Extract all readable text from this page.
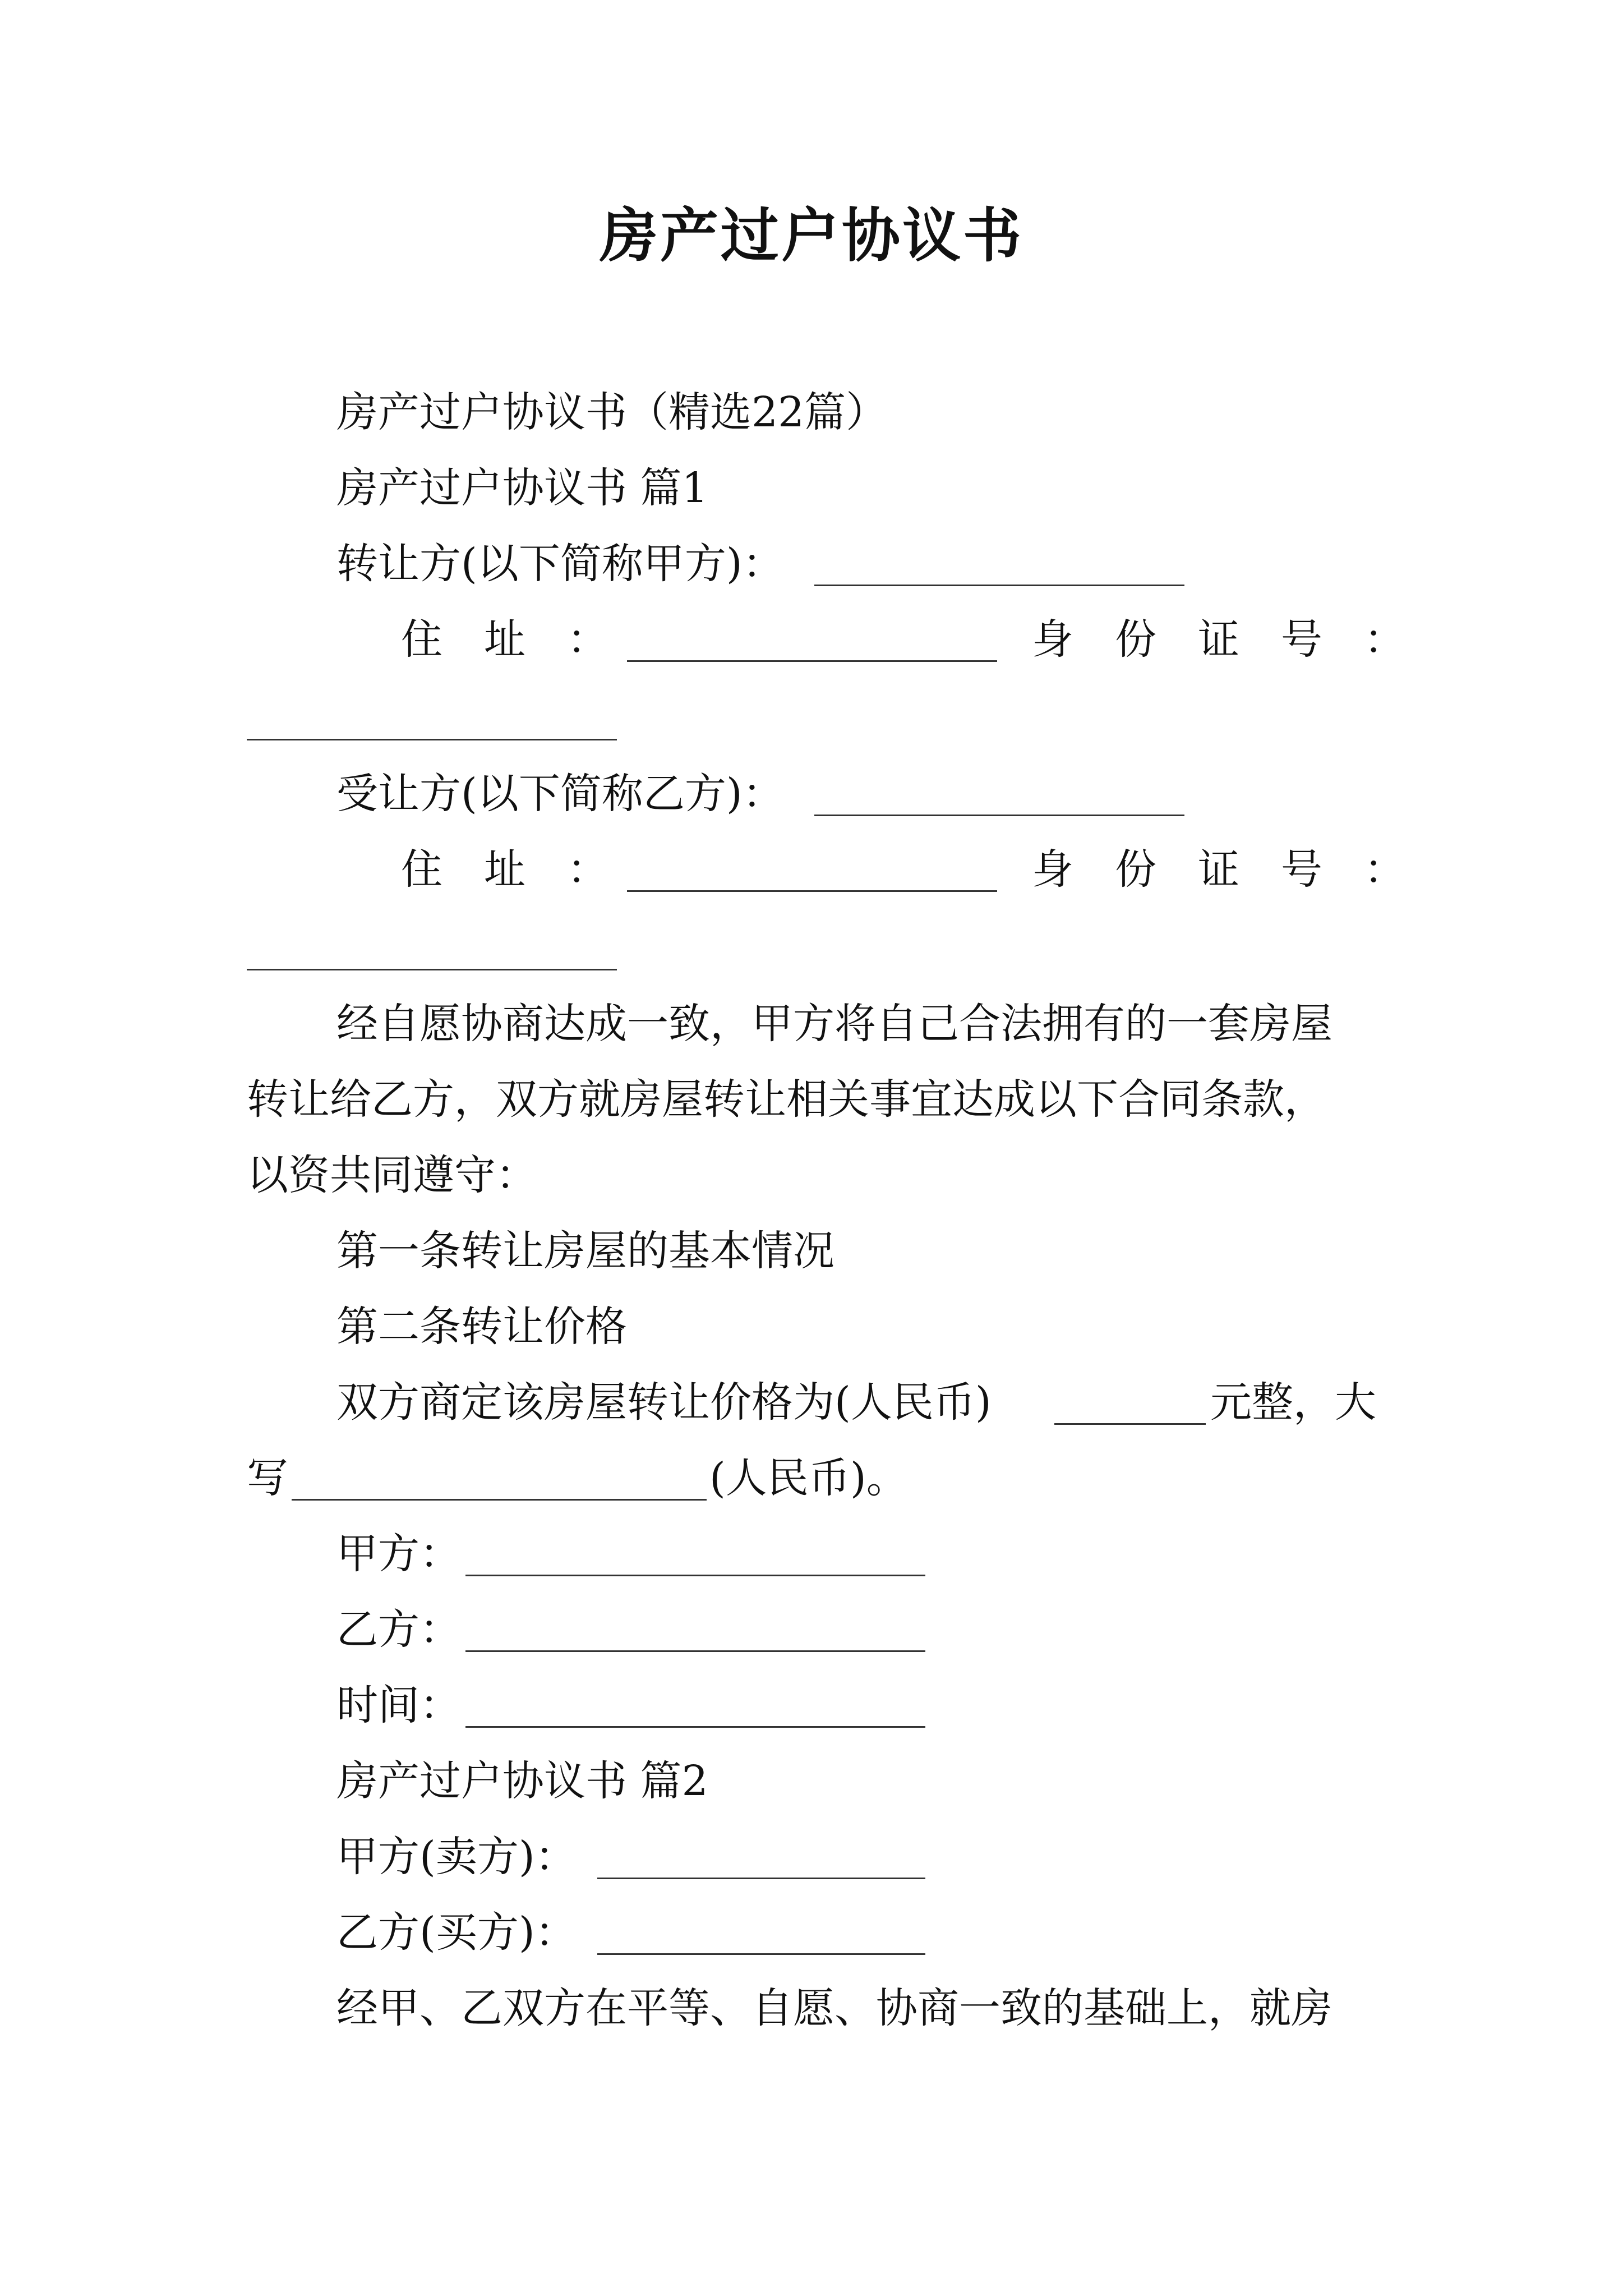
房产过户协议书
房产过户协议书（精选22篇）
房产过户协议书 篇1
转让方(以下简称甲方)：
住　址　：	身　份　证　号　：
受让方(以下简称乙方)：
住　址　：	身　份　证　号　：
经自愿协商达成一致，甲方将自己合法拥有的一套房屋
转让给乙方，双方就房屋转让相关事宜达成以下合同条款，
以资共同遵守：
第一条转让房屋的基本情况
第二条转让价格
双方商定该房屋转让价格为(人民币)	元整，大
写	(人民币)。
甲方：
乙方：
时间：
房产过户协议书 篇2
甲方(卖方)：
乙方(买方)：
经甲、乙双方在平等、自愿、协商一致的基础上，就房
